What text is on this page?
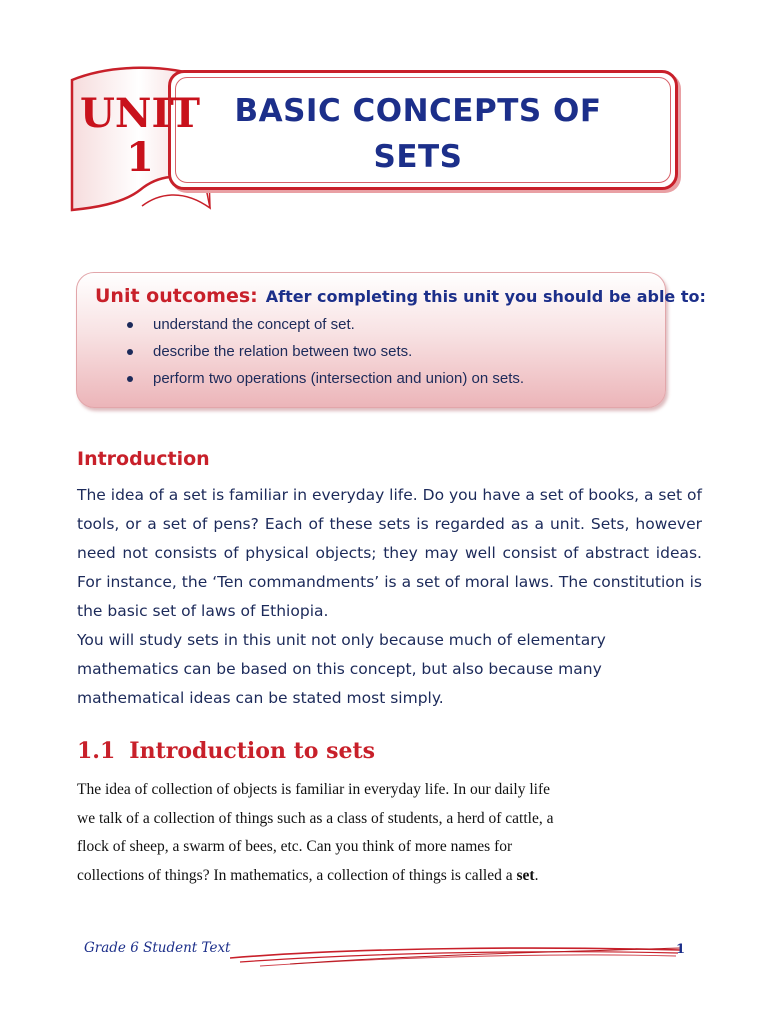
UNIT
1
BASIC CONCEPTS OF
SETS
Unit outcomes: After completing this unit you should be able to:
understand the concept of set.
describe the relation between two sets.
perform two operations (intersection and union) on sets.
Introduction

The idea of a set is familiar in everyday life. Do you have a set of books, a set of tools, or a set of pens? Each of these sets is regarded as a unit. Sets, however need not consists of physical objects; they may well consist of abstract ideas. For instance, the ‘Ten commandments’ is a set of moral laws. The constitution is the basic set of laws of Ethiopia.

You will study sets in this unit not only because much of elementary

mathematics can be based on this concept, but also because many

mathematical ideas can be stated most simply.

1.1 Introduction to sets

The idea of collection of objects is familiar in everyday life. In our daily life

we talk of a collection of things such as a class of students, a herd of cattle, a

flock of sheep, a swarm of bees, etc. Can you think of more names for

collections of things? In mathematics, a collection of things is called a set.

Grade 6 Student Text	1
